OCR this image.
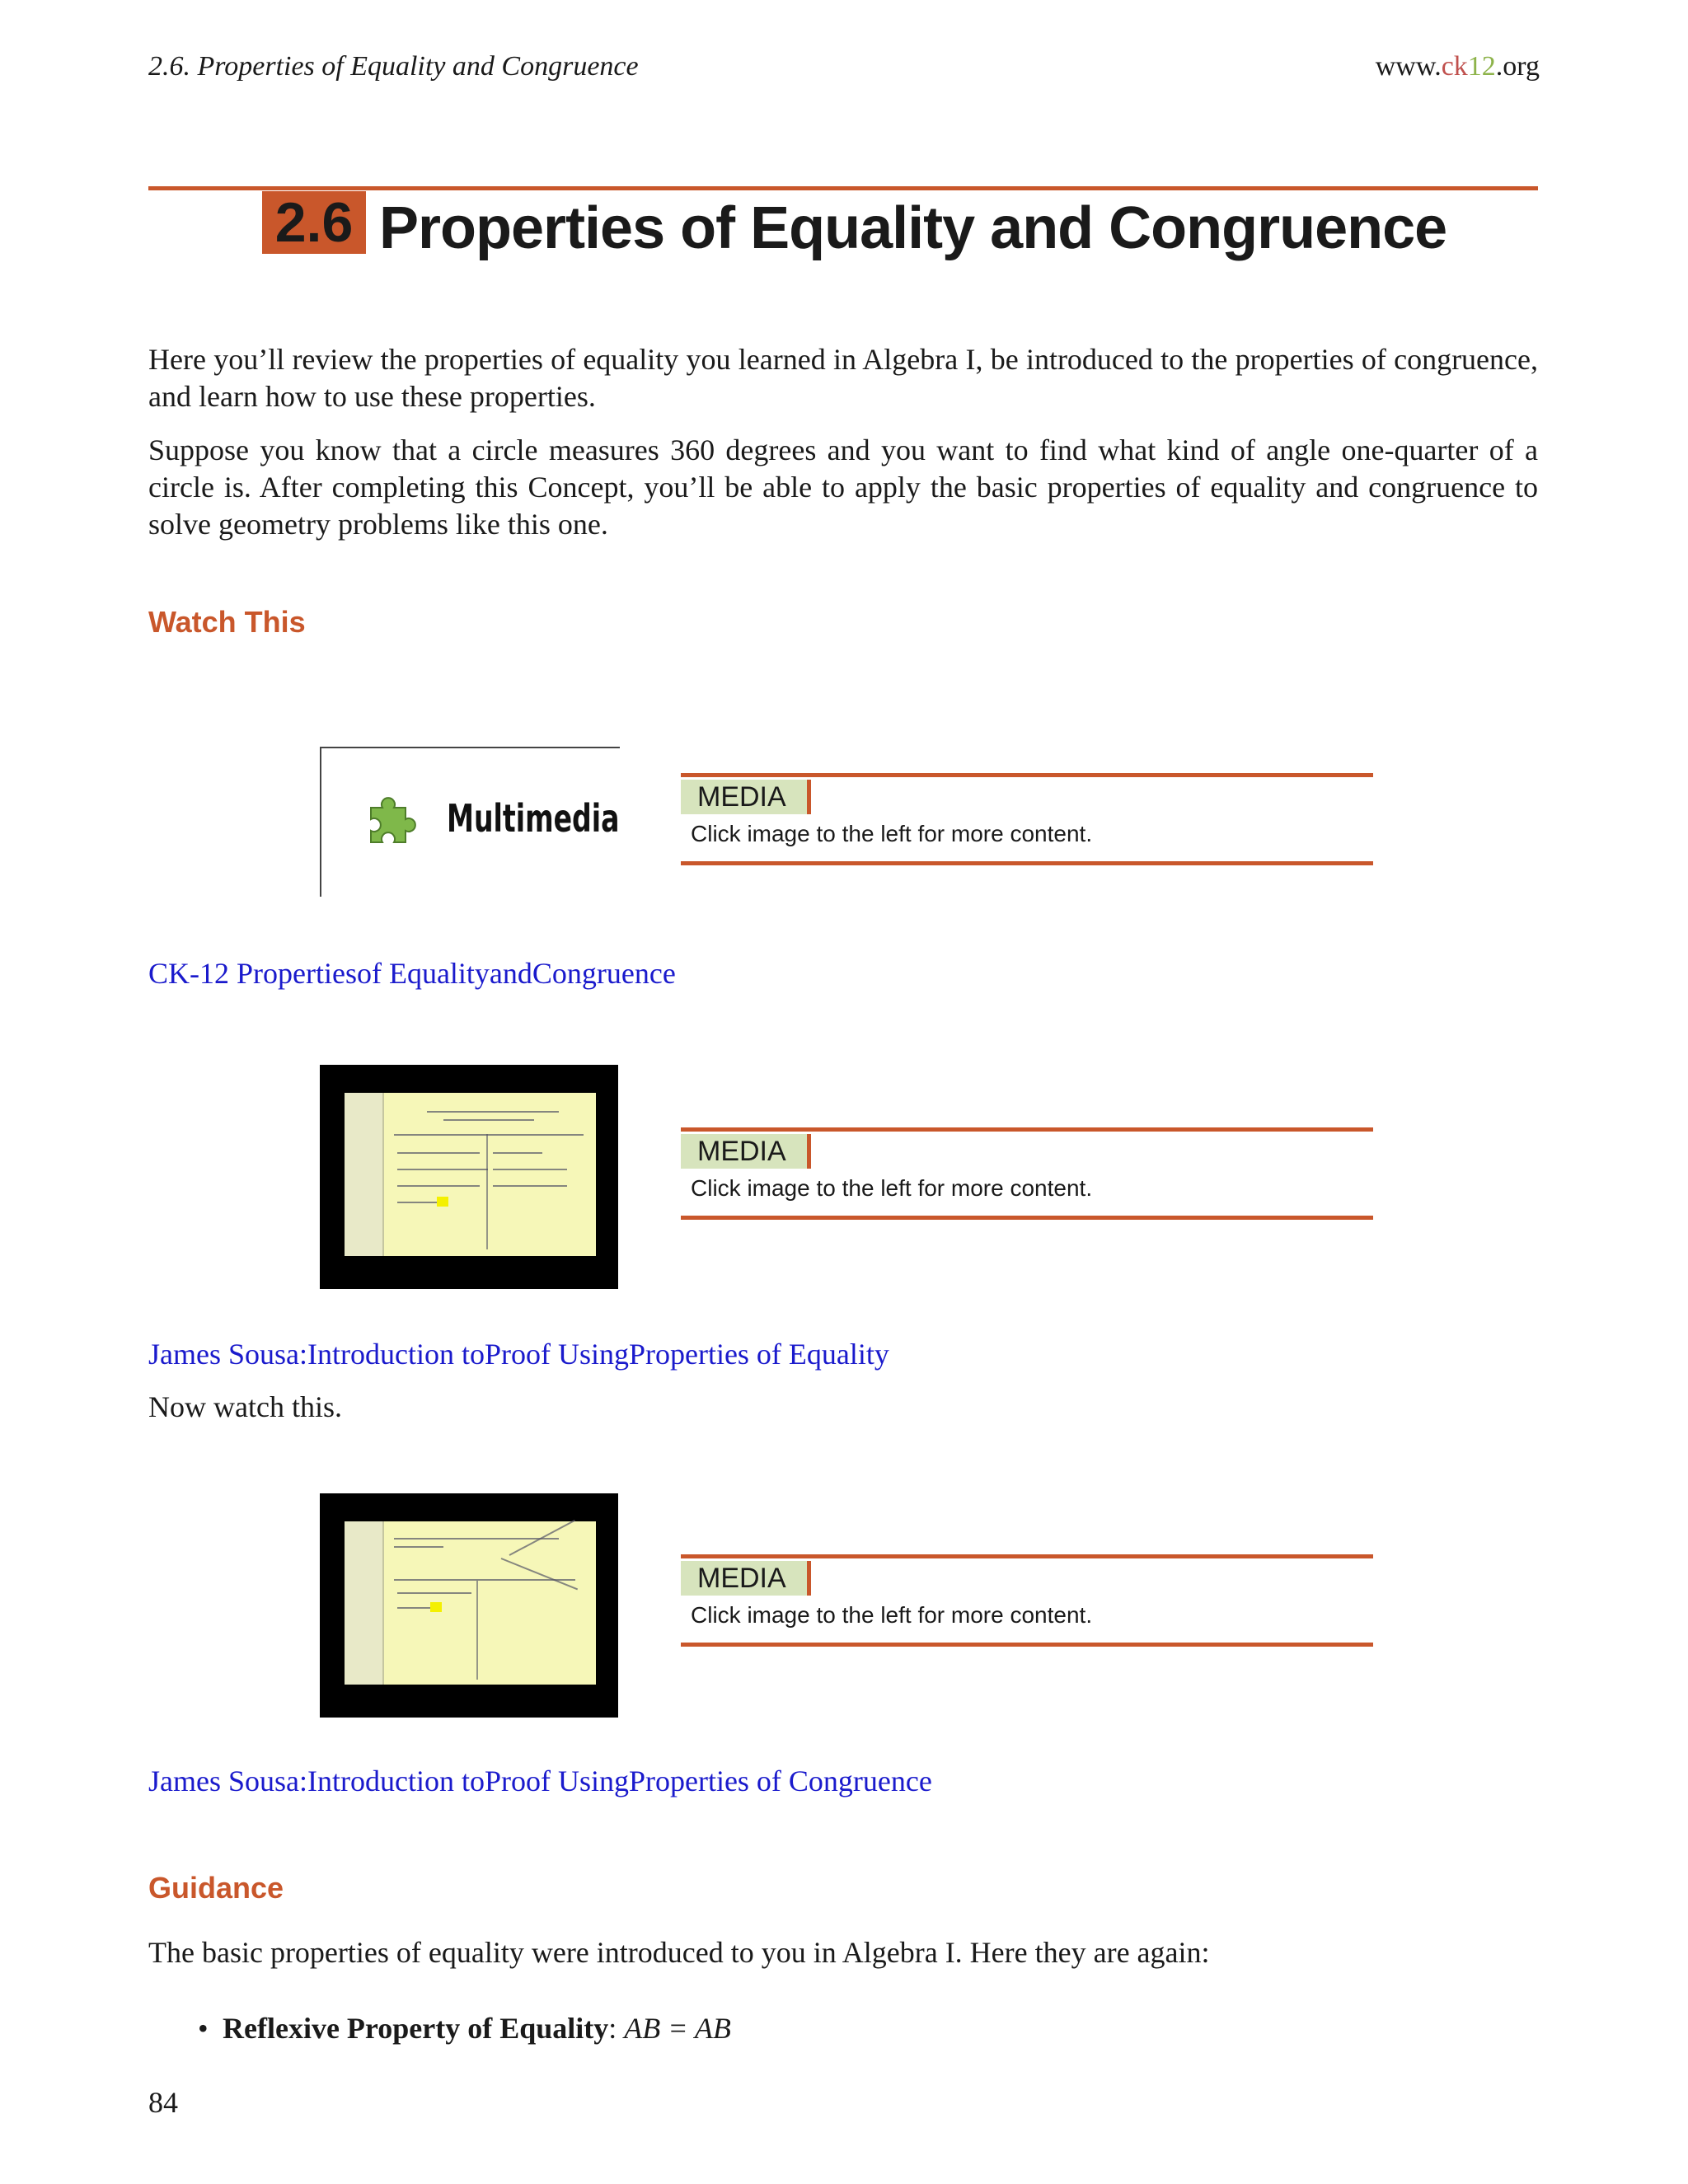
2.6. Properties of Equality and Congruence	www.ck12.org
2.6 Properties of Equality and Congruence
Here you’ll review the properties of equality you learned in Algebra I, be introduced to the properties of congruence, and learn how to use these properties.
Suppose you know that a circle measures 360 degrees and you want to find what kind of angle one-quarter of a circle is. After completing this Concept, you’ll be able to apply the basic properties of equality and congruence to solve geometry problems like this one.
Watch This
Multimedia	MEDIA
Click image to the left for more content.
CK-12 Propertiesof EqualityandCongruence
MEDIA
Click image to the left for more content.
James Sousa:Introduction toProof UsingProperties of Equality
Now watch this.
MEDIA
Click image to the left for more content.
James Sousa:Introduction toProof UsingProperties of Congruence
Guidance
The basic properties of equality were introduced to you in Algebra I. Here they are again:
• Reflexive Property of Equality: AB = AB
84
